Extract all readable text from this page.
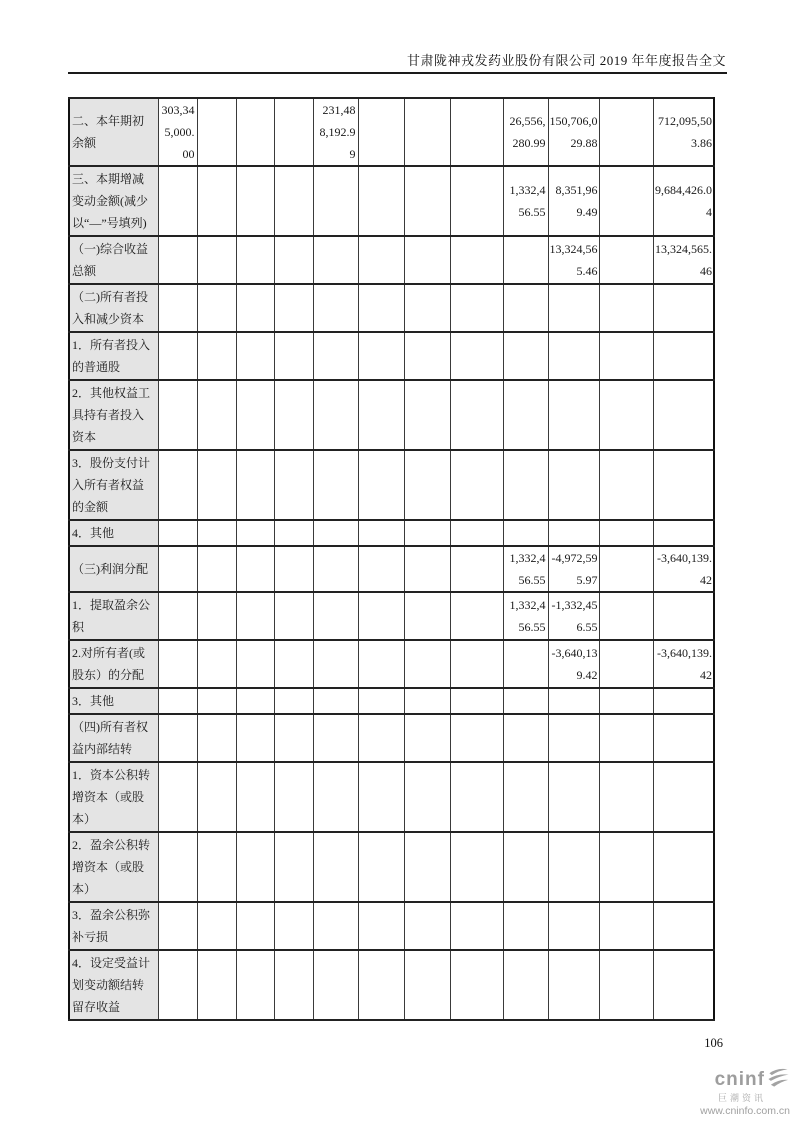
甘肃陇神戎发药业股份有限公司 2019 年年度报告全文
二、本年期初余额	303,345,000.00				231,488,192.99				26,556,280.99	150,706,029.88		712,095,503.86
三、本期增减变动金额(减少以“—”号填列)									1,332,456.55	8,351,969.49		9,684,426.04
（一)综合收益总额										13,324,565.46		13,324,565.46
（二)所有者投入和减少资本												
1．所有者投入的普通股												
2．其他权益工具持有者投入资本												
3．股份支付计入所有者权益的金额												
4．其他												
（三)利润分配									1,332,456.55	-4,972,595.97		-3,640,139.42
1．提取盈余公积									1,332,456.55	-1,332,456.55		
2.对所有者(或股东）的分配										-3,640,139.42		-3,640,139.42
3．其他												
（四)所有者权益内部结转												
1．资本公积转增资本（或股本）												
2．盈余公积转增资本（或股本）												
3．盈余公积弥补亏损												
4．设定受益计划变动额结转留存收益												
106
cninf
巨潮资讯
www.cninfo.com.cn
